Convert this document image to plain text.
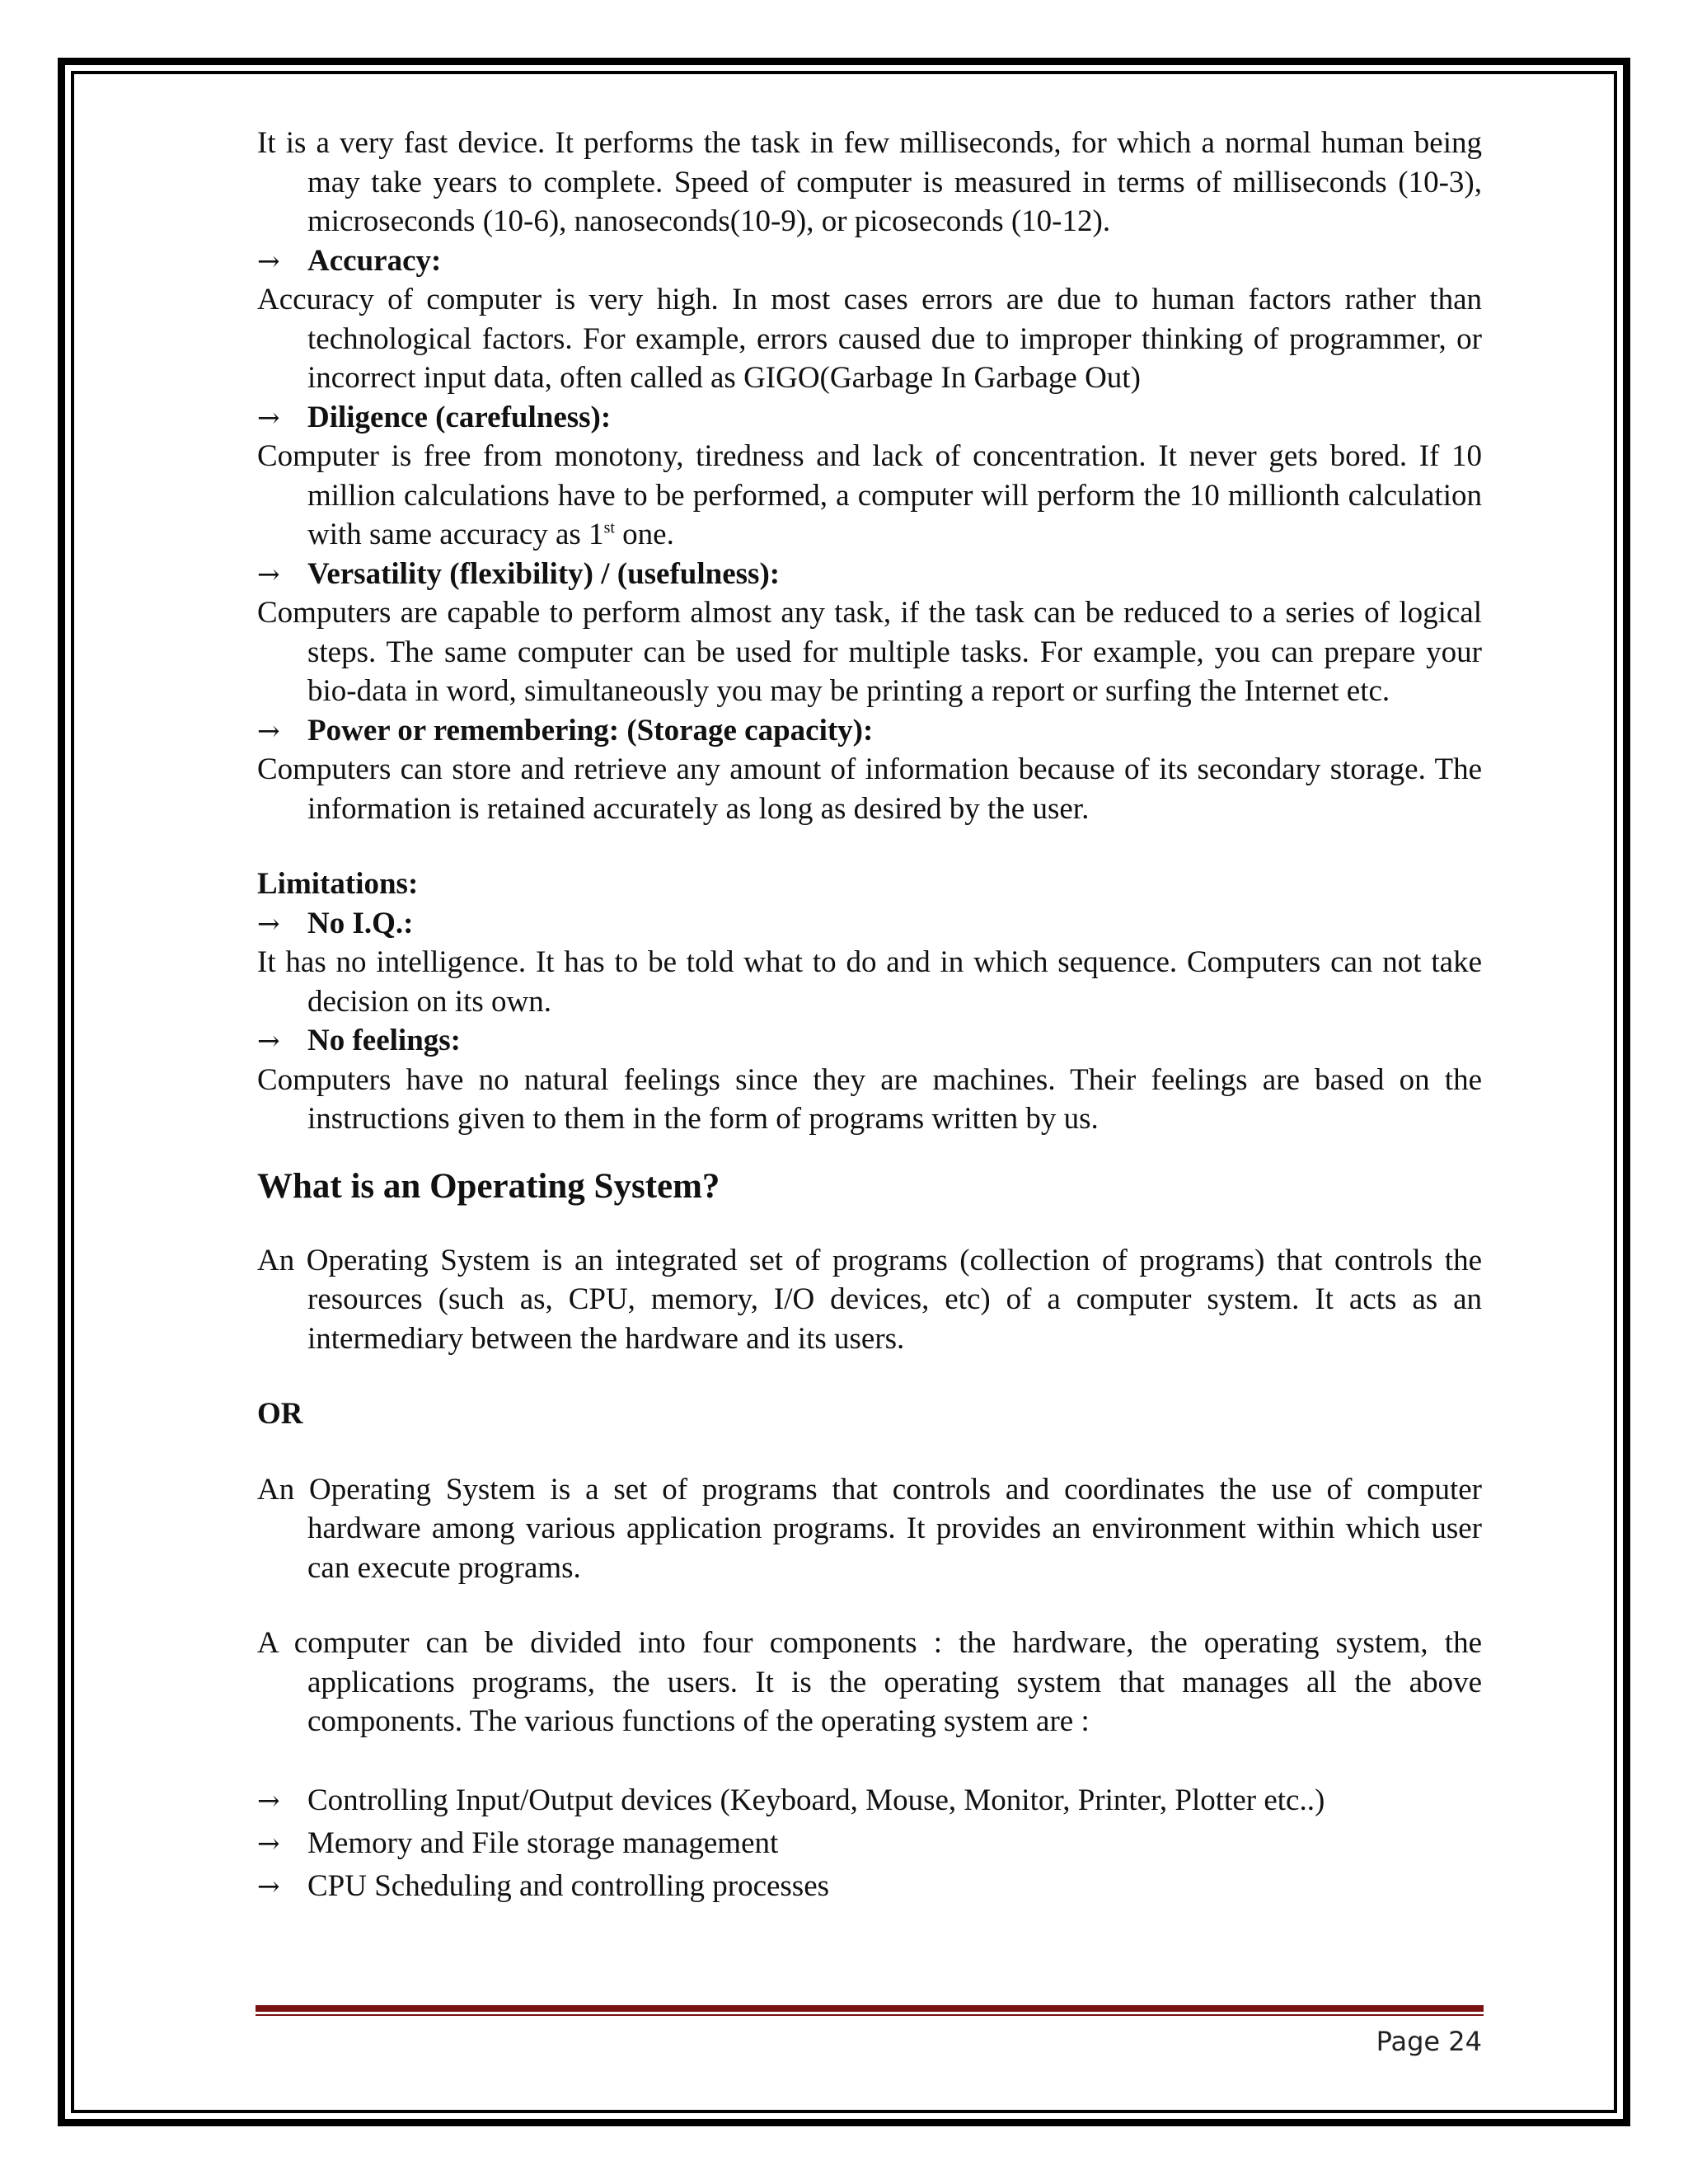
It is a very fast device. It performs the task in few milliseconds, for which a normal human being may take years to complete. Speed of computer is measured in terms of milliseconds (10-3), microseconds (10-6), nanoseconds(10-9), or picoseconds (10-12).

→ Accuracy:

Accuracy of computer is very high. In most cases errors are due to human factors rather than technological factors. For example, errors caused due to improper thinking of programmer, or incorrect input data, often called as GIGO(Garbage In Garbage Out)

→ Diligence (carefulness):

Computer is free from monotony, tiredness and lack of concentration. It never gets bored. If 10 million calculations have to be performed, a computer will perform the 10 millionth calculation with same accuracy as 1st one.

→ Versatility (flexibility) / (usefulness):

Computers are capable to perform almost any task, if the task can be reduced to a series of logical steps. The same computer can be used for multiple tasks. For example, you can prepare your bio-data in word, simultaneously you may be printing a report or surfing the Internet etc.

→ Power or remembering: (Storage capacity):

Computers can store and retrieve any amount of information because of its secondary storage. The information is retained accurately as long as desired by the user.

Limitations:

→ No I.Q.:

It has no intelligence. It has to be told what to do and in which sequence. Computers can not take decision on its own.

→ No feelings:

Computers have no natural feelings since they are machines. Their feelings are based on the instructions given to them in the form of programs written by us.

What is an Operating System?

An Operating System is an integrated set of programs (collection of programs) that controls the resources (such as, CPU, memory, I/O devices, etc) of a computer system. It acts as an intermediary between the hardware and its users.

OR

An Operating System is a set of programs that controls and coordinates the use of computer hardware among various application programs. It provides an environment within which user can execute programs.

A computer can be divided into four components : the hardware, the operating system, the applications programs, the users. It is the operating system that manages all the above components. The various functions of the operating system are :

→ Controlling Input/Output devices (Keyboard, Mouse, Monitor, Printer, Plotter etc..)
→ Memory and File storage management
→ CPU Scheduling and controlling processes
Page 24
